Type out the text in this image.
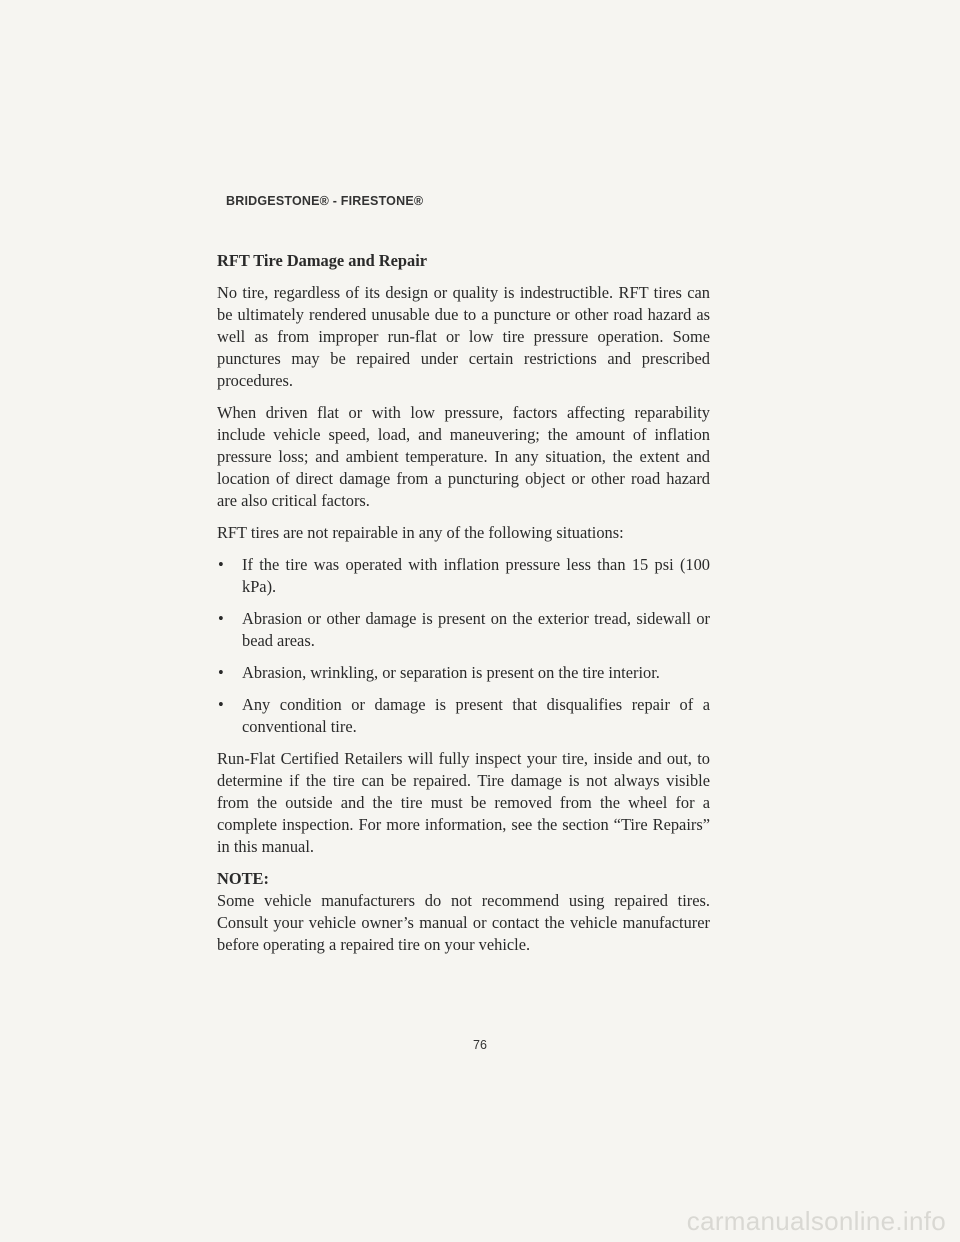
BRIDGESTONE® - FIRESTONE®
RFT Tire Damage and Repair

No tire, regardless of its design or quality is indestructible. RFT tires can be ultimately rendered unusable due to a puncture or other road hazard as well as from improper run-flat or low tire pressure operation. Some punctures may be repaired under certain restrictions and prescribed procedures.

When driven flat or with low pressure, factors affecting reparability include vehicle speed, load, and maneuvering; the amount of inflation pressure loss; and ambient temperature. In any situation, the extent and location of direct damage from a puncturing object or other road hazard are also critical factors.

RFT tires are not repairable in any of the following situations:

• If the tire was operated with inflation pressure less than 15 psi (100 kPa).
• Abrasion or other damage is present on the exterior tread, sidewall or bead areas.
• Abrasion, wrinkling, or separation is present on the tire interior.
• Any condition or damage is present that disqualifies repair of a conventional tire.

Run-Flat Certified Retailers will fully inspect your tire, inside and out, to determine if the tire can be repaired. Tire damage is not always visible from the outside and the tire must be removed from the wheel for a complete inspection. For more information, see the section “Tire Repairs” in this manual.

NOTE:

Some vehicle manufacturers do not recommend using repaired tires. Consult your vehicle owner’s manual or contact the vehicle manufacturer before operating a repaired tire on your vehicle.

76
carmanualsonline.info
